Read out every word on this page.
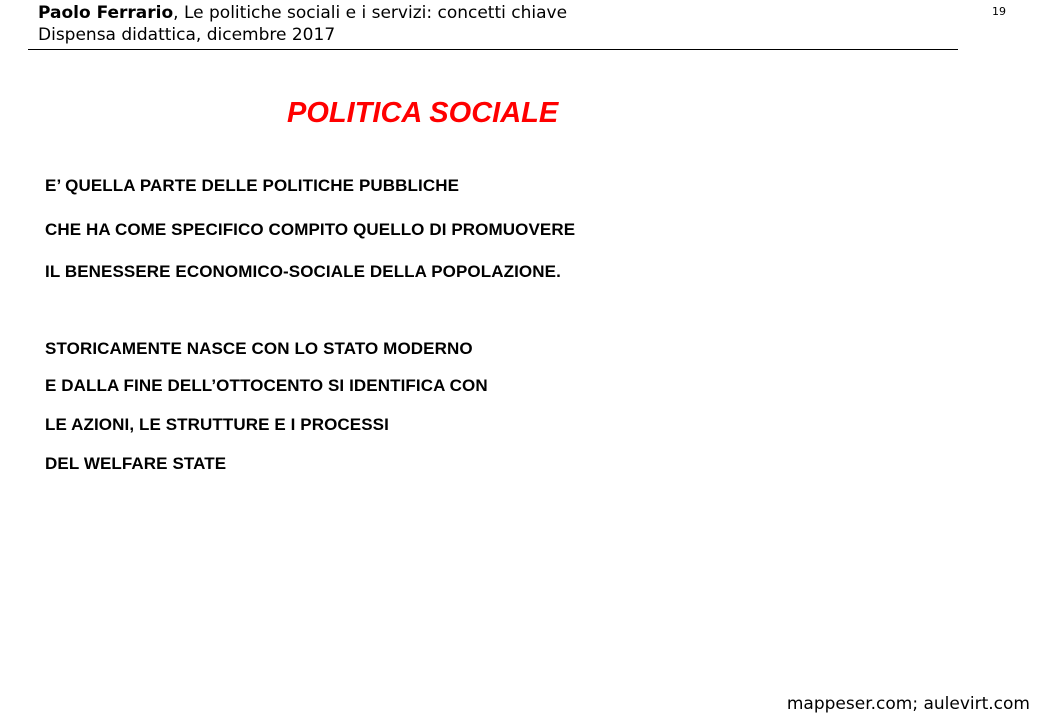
Paolo Ferrario, Le politiche sociali e i servizi: concetti chiave
Dispensa didattica, dicembre 2017
19
POLITICA SOCIALE
E’ QUELLA PARTE DELLE POLITICHE PUBBLICHE
CHE HA COME SPECIFICO COMPITO QUELLO DI PROMUOVERE
IL BENESSERE ECONOMICO-SOCIALE DELLA POPOLAZIONE.
STORICAMENTE NASCE CON LO STATO MODERNO
E DALLA FINE DELL’OTTOCENTO SI IDENTIFICA CON
LE AZIONI, LE STRUTTURE E I PROCESSI
DEL WELFARE STATE
mappeser.com; aulevirt.com
